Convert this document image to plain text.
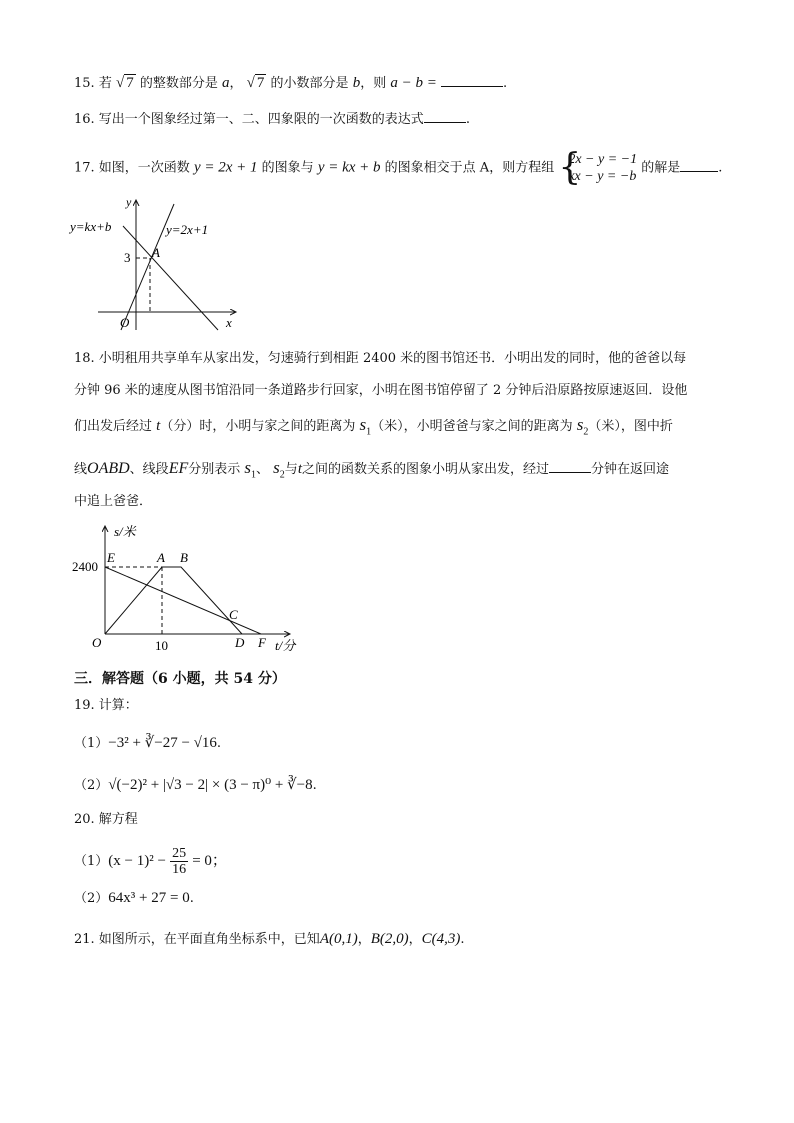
15. 若 √ 7 的整数部分是 a， √ 7 的小数部分是 b，则 a − b =	.
16. 写出一个图象经过第一、二、四象限的一次函数的表达式	.
17. 如图，一次函数 y = 2x + 1 的图象与 y = kx + b 的图象相交于点 A，则方程组 {
2x − y = −1
kx − y = −b
的解是	.
y=kx+b	y=2x+1
y
x
O
A
3
18. 小明租用共享单车从家出发，匀速骑行到相距 2400 米的图书馆还书．小明出发的同时，他的爸爸以每
分钟 96 米的速度从图书馆沿同一条道路步行回家，小明在图书馆停留了 2 分钟后沿原路按原速返回．设他
们出发后经过 t（分）时，小明与家之间的距离为 $s_1$（米），小明爸爸与家之间的距离为 $s_2$（米），图中折
线OABD、线段EF分别表示 $s_1$、 $s_2$与t之间的函数关系的图象小明从家出发，经过	分钟在返回途
中追上爸爸．
s/米
t/分
2400
10
E	A B
C
D F
O
三．解答题（6 小题，共 54 分）
19. 计算：
（1）−3² + ∛−27 − √16.
（2）√(−2)² + |√3 − 2| × (3 − π)⁰ + ∛−8.
20. 解方程
$(1)(x - 1)^2 - \frac{25}{16} = 0$；
（2）64x³ + 27 = 0.
21. 如图所示，在平面直角坐标系中，已知A(0,1)，B(2,0)，C(4,3).
